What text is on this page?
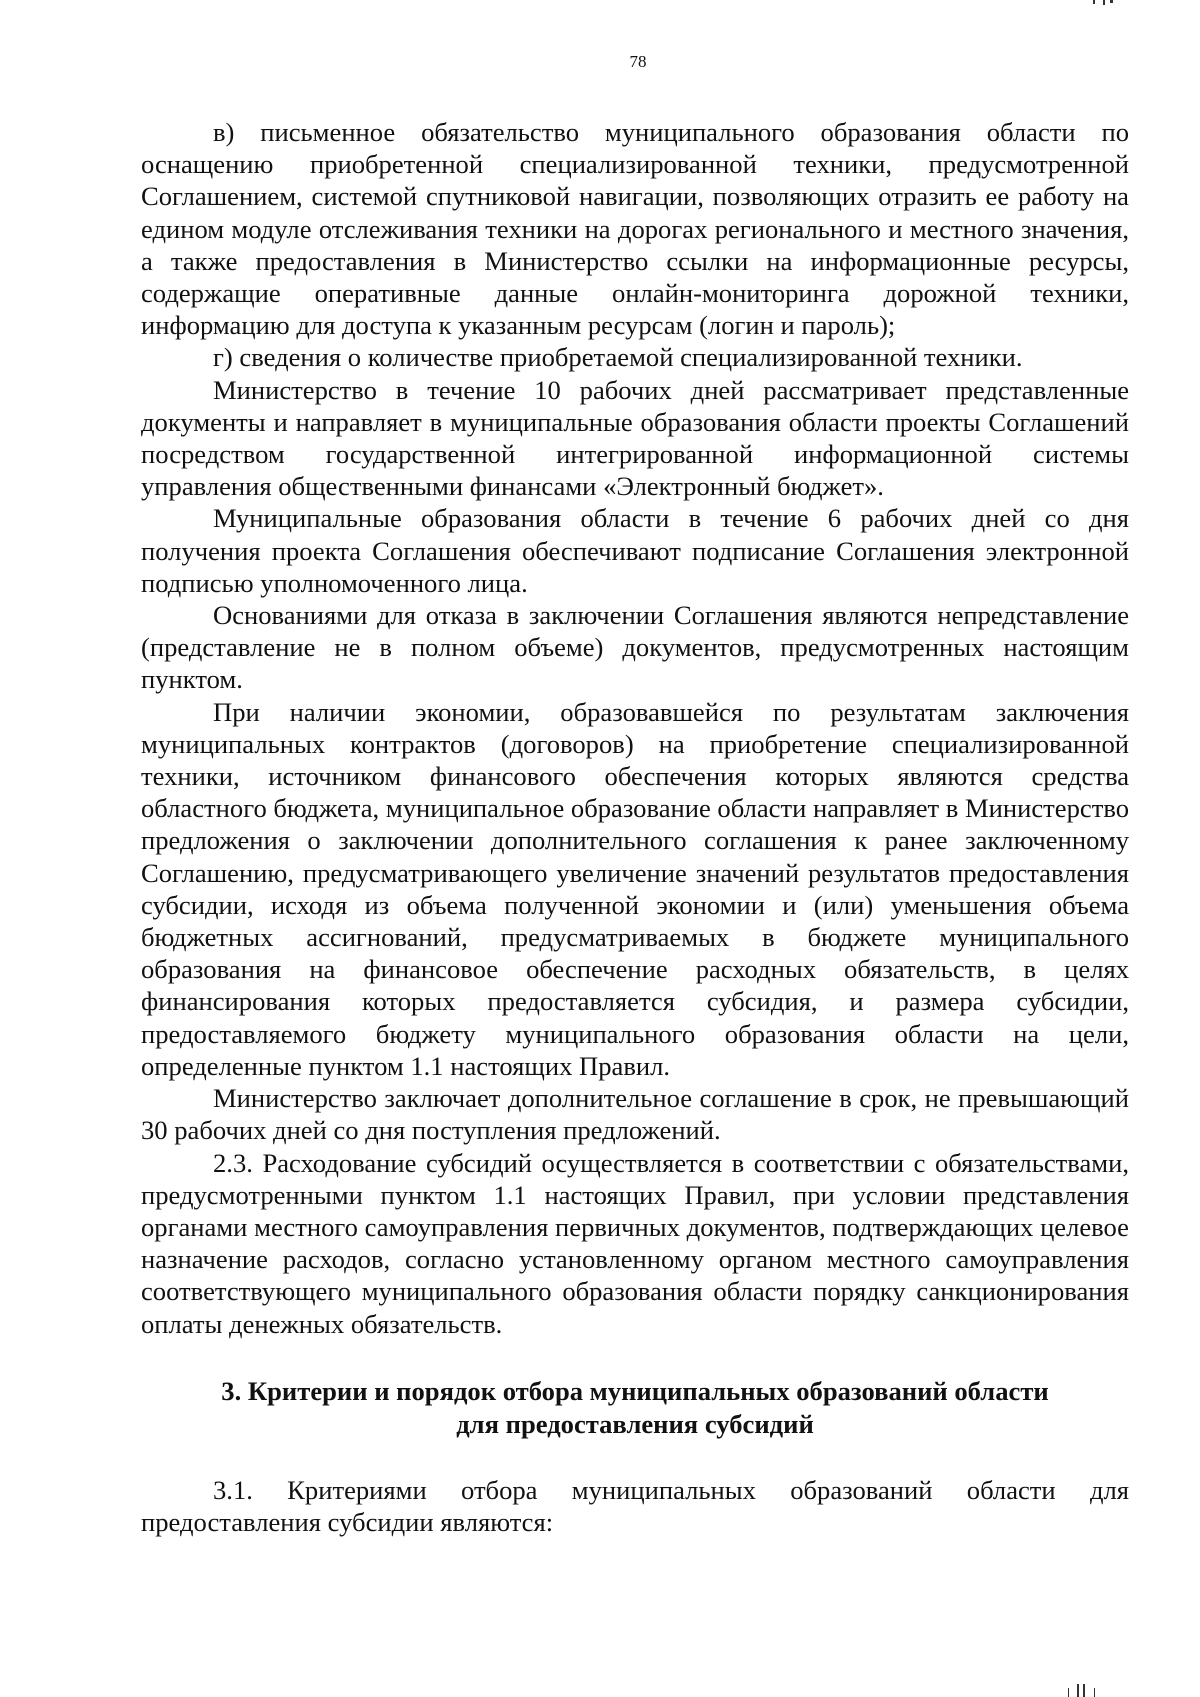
78

в) письменное обязательство муниципального образования области по оснащению приобретенной специализированной техники, предусмотренной Соглашением, системой спутниковой навигации, позволяющих отразить ее работу на едином модуле отслеживания техники на дорогах регионального и местного значения, а также предоставления в Министерство ссылки на информационные ресурсы, содержащие оперативные данные онлайн-мониторинга дорожной техники, информацию для доступа к указанным ресурсам (логин и пароль);

г) сведения о количестве приобретаемой специализированной техники.

Министерство в течение 10 рабочих дней рассматривает представленные документы и направляет в муниципальные образования области проекты Соглашений посредством государственной интегрированной информационной системы управления общественными финансами «Электронный бюджет».

Муниципальные образования области в течение 6 рабочих дней со дня получения проекта Соглашения обеспечивают подписание Соглашения электронной подписью уполномоченного лица.

Основаниями для отказа в заключении Соглашения являются непредставление (представление не в полном объеме) документов, предусмотренных настоящим пунктом.

При наличии экономии, образовавшейся по результатам заключения муниципальных контрактов (договоров) на приобретение специализированной техники, источником финансового обеспечения которых являются средства областного бюджета, муниципальное образование области направляет в Министерство предложения о заключении дополнительного соглашения к ранее заключенному Соглашению, предусматривающего увеличение значений результатов предоставления субсидии, исходя из объема полученной экономии и (или) уменьшения объема бюджетных ассигнований, предусматриваемых в бюджете муниципального образования на финансовое обеспечение расходных обязательств, в целях финансирования которых предоставляется субсидия, и размера субсидии, предоставляемого бюджету муниципального образования области на цели, определенные пунктом 1.1 настоящих Правил.

Министерство заключает дополнительное соглашение в срок, не превышающий 30 рабочих дней со дня поступления предложений.

2.3. Расходование субсидий осуществляется в соответствии с обязательствами, предусмотренными пунктом 1.1 настоящих Правил, при условии представления органами местного самоуправления первичных документов, подтверждающих целевое назначение расходов, согласно установленному органом местного самоуправления соответствующего муниципального образования области порядку санкционирования оплаты денежных обязательств.

3. Критерии и порядок отбора муниципальных образований области
для предоставления субсидий

3.1. Критериями отбора муниципальных образований области для предоставления субсидии являются:
